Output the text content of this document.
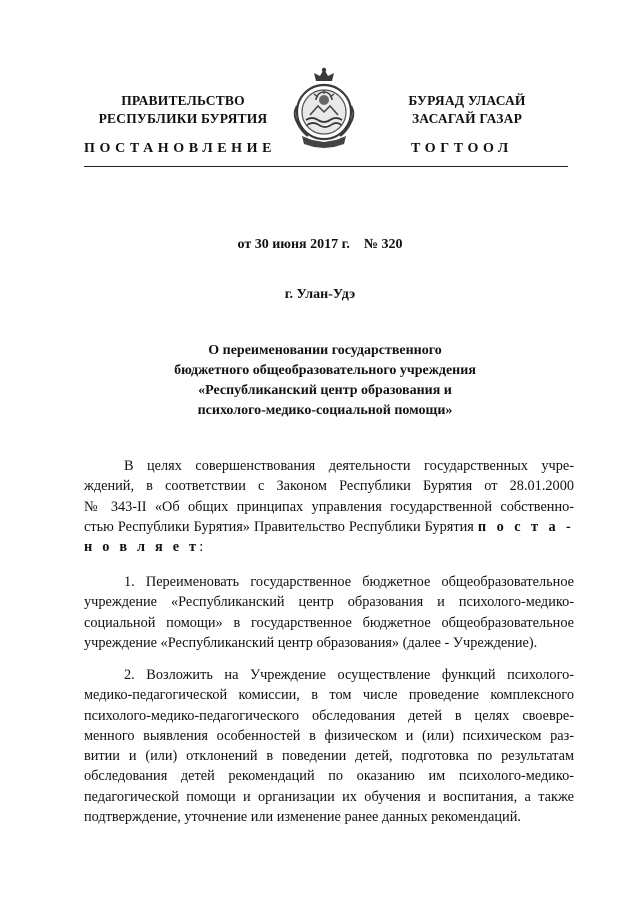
ПРАВИТЕЛЬСТВО
РЕСПУБЛИКИ БУРЯТИЯ
БУРЯАД УЛАСАЙ
ЗАСАГАЙ ГАЗАР
ПОСТАНОВЛЕНИЕ	ТОГТООЛ
от 30 июня 2017 г.    № 320
г. Улан-Удэ
О переименовании государственного
бюджетного общеобразовательного учреждения
«Республиканский центр образования и
психолого-медико-социальной помощи»
В целях совершенствования деятельности государственных учре-
ждений, в соответствии с Законом Республики Бурятия от 28.01.2000
№ 343-II «Об общих принципах управления государственной собственно-
стью Республики Бурятия» Правительство Республики Бурятия п о с т а -
н о в л я е т:
1. Переименовать государственное бюджетное общеобразовательное
учреждение «Республиканский центр образования и психолого-медико-
социальной помощи» в государственное бюджетное общеобразовательное
учреждение «Республиканский центр образования» (далее - Учреждение).
2. Возложить на Учреждение осуществление функций психолого-
медико-педагогической комиссии, в том числе проведение комплексного
психолого-медико-педагогического обследования детей в целях своевре-
менного выявления особенностей в физическом и (или) психическом раз-
витии и (или) отклонений в поведении детей, подготовка по результатам
обследования детей рекомендаций по оказанию им психолого-медико-
педагогической помощи и организации их обучения и воспитания, а также
подтверждение, уточнение или изменение ранее данных рекомендаций.
